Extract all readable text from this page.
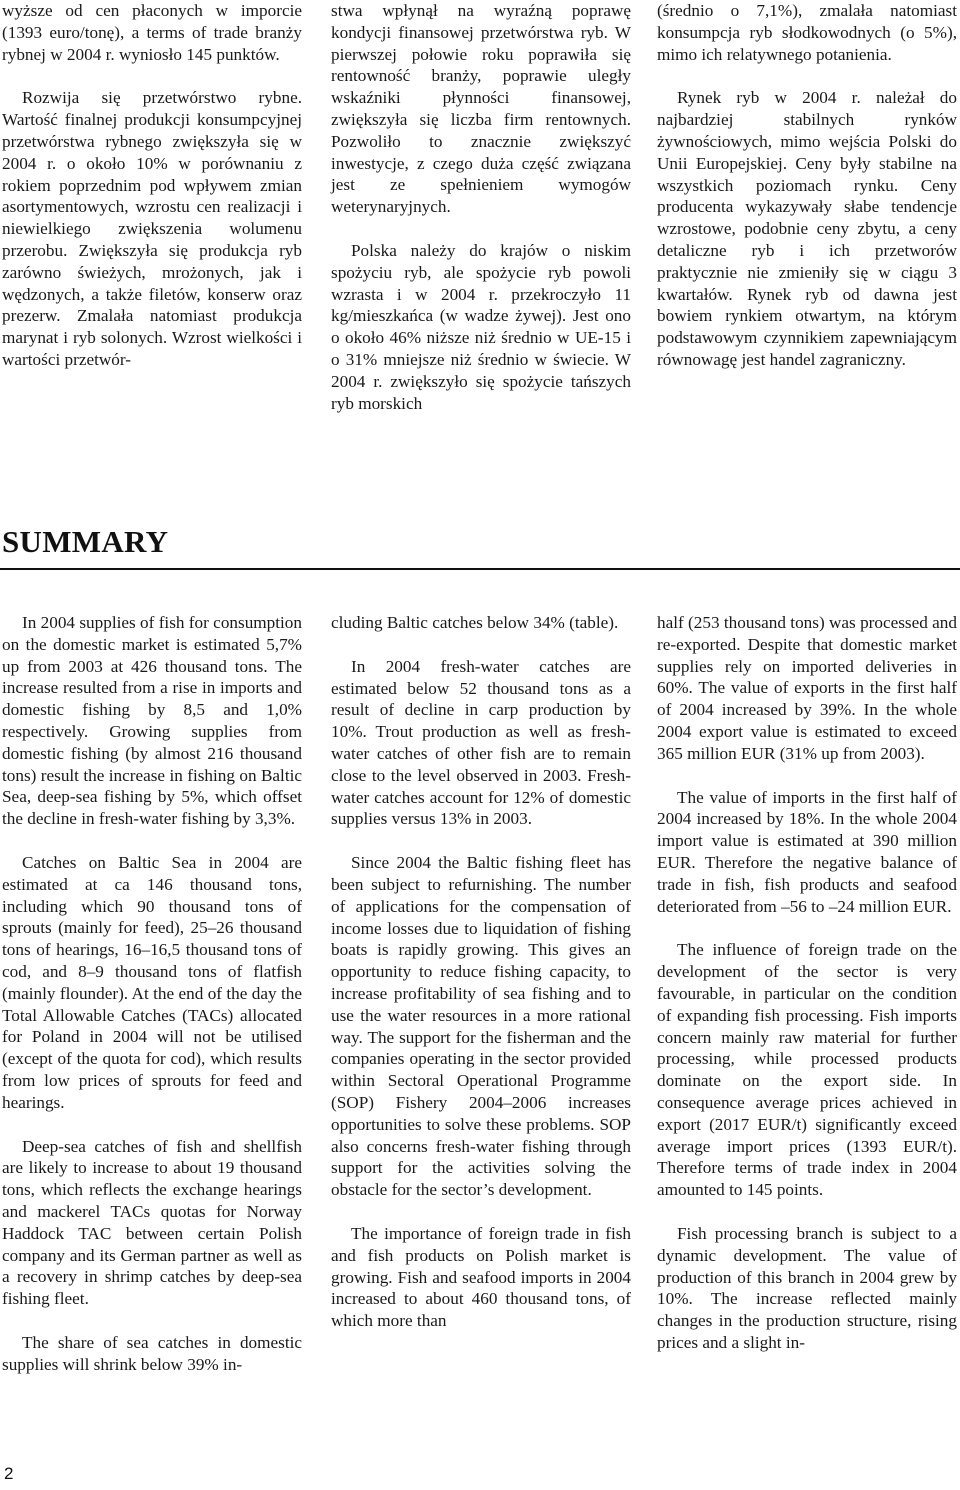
wyższe od cen płaconych w imporcie (1393 euro/tonę), a terms of trade branży rybnej w 2004 r. wyniosło 145 punktów.

Rozwija się przetwórstwo rybne. Wartość finalnej produkcji konsumpcyjnej przetwórstwa rybnego zwiększyła się w 2004 r. o około 10% w porównaniu z rokiem poprzednim pod wpływem zmian asortymentowych, wzrostu cen realizacji i niewielkiego zwiększenia wolumenu przerobu. Zwiększyła się produkcja ryb zarówno świeżych, mrożonych, jak i wędzonych, a także filetów, konserw oraz prezerw. Zmalała natomiast produkcja marynat i ryb solonych. Wzrost wielkości i wartości przetwór-

stwa wpłynął na wyraźną poprawę kondycji finansowej przetwórstwa ryb. W pierwszej połowie roku poprawiła się rentowność branży, poprawie uległy wskaźniki płynności finansowej, zwiększyła się liczba firm rentownych. Pozwoliło to znacznie zwiększyć inwestycje, z czego duża część związana jest ze spełnieniem wymogów weterynaryjnych.

Polska należy do krajów o niskim spożyciu ryb, ale spożycie ryb powoli wzrasta i w 2004 r. przekroczyło 11 kg/mieszkańca (w wadze żywej). Jest ono o około 46% niższe niż średnio w UE-15 i o 31% mniejsze niż średnio w świecie. W 2004 r. zwiększyło się spożycie tańszych ryb morskich

(średnio o 7,1%), zmalała natomiast konsumpcja ryb słodkowodnych (o 5%), mimo ich relatywnego potanienia.

Rynek ryb w 2004 r. należał do najbardziej stabilnych rynków żywnościowych, mimo wejścia Polski do Unii Europejskiej. Ceny były stabilne na wszystkich poziomach rynku. Ceny producenta wykazywały słabe tendencje wzrostowe, podobnie ceny zbytu, a ceny detaliczne ryb i ich przetworów praktycznie nie zmieniły się w ciągu 3 kwartałów. Rynek ryb od dawna jest bowiem rynkiem otwartym, na którym podstawowym czynnikiem zapewniającym równowagę jest handel zagraniczny.

SUMMARY

In 2004 supplies of fish for consumption on the domestic market is estimated 5,7% up from 2003 at 426 thousand tons. The increase resulted from a rise in imports and domestic fishing by 8,5 and 1,0% respectively. Growing supplies from domestic fishing (by almost 216 thousand tons) result the increase in fishing on Baltic Sea, deep-sea fishing by 5%, which offset the decline in fresh-water fishing by 3,3%.

Catches on Baltic Sea in 2004 are estimated at ca 146 thousand tons, including which 90 thousand tons of sprouts (mainly for feed), 25–26 thousand tons of hearings, 16–16,5 thousand tons of cod, and 8–9 thousand tons of flatfish (mainly flounder). At the end of the day the Total Allowable Catches (TACs) allocated for Poland in 2004 will not be utilised (except of the quota for cod), which results from low prices of sprouts for feed and hearings.

Deep-sea catches of fish and shellfish are likely to increase to about 19 thousand tons, which reflects the exchange hearings and mackerel TACs quotas for Norway Haddock TAC between certain Polish company and its German partner as well as a recovery in shrimp catches by deep-sea fishing fleet.

The share of sea catches in domestic supplies will shrink below 39% in-

cluding Baltic catches below 34% (table).

In 2004 fresh-water catches are estimated below 52 thousand tons as a result of decline in carp production by 10%. Trout production as well as fresh-water catches of other fish are to remain close to the level observed in 2003. Fresh-water catches account for 12% of domestic supplies versus 13% in 2003.

Since 2004 the Baltic fishing fleet has been subject to refurnishing. The number of applications for the compensation of income losses due to liquidation of fishing boats is rapidly growing. This gives an opportunity to reduce fishing capacity, to increase profitability of sea fishing and to use the water resources in a more rational way. The support for the fisherman and the companies operating in the sector provided within Sectoral Operational Programme (SOP) Fishery 2004–2006 increases opportunities to solve these problems. SOP also concerns fresh-water fishing through support for the activities solving the obstacle for the sector’s development.

The importance of foreign trade in fish and fish products on Polish market is growing. Fish and seafood imports in 2004 increased to about 460 thousand tons, of which more than

half (253 thousand tons) was processed and re-exported. Despite that domestic market supplies rely on imported deliveries in 60%. The value of exports in the first half of 2004 increased by 39%. In the whole 2004 export value is estimated to exceed 365 million EUR (31% up from 2003).

The value of imports in the first half of 2004 increased by 18%. In the whole 2004 import value is estimated at 390 million EUR. Therefore the negative balance of trade in fish, fish products and seafood deteriorated from –56 to –24 million EUR.

The influence of foreign trade on the development of the sector is very favourable, in particular on the condition of expanding fish processing. Fish imports concern mainly raw material for further processing, while processed products dominate on the export side. In consequence average prices achieved in export (2017 EUR/t) significantly exceed average import prices (1393 EUR/t). Therefore terms of trade index in 2004 amounted to 145 points.

Fish processing branch is subject to a dynamic development. The value of production of this branch in 2004 grew by 10%. The increase reflected mainly changes in the production structure, rising prices and a slight in-

2
